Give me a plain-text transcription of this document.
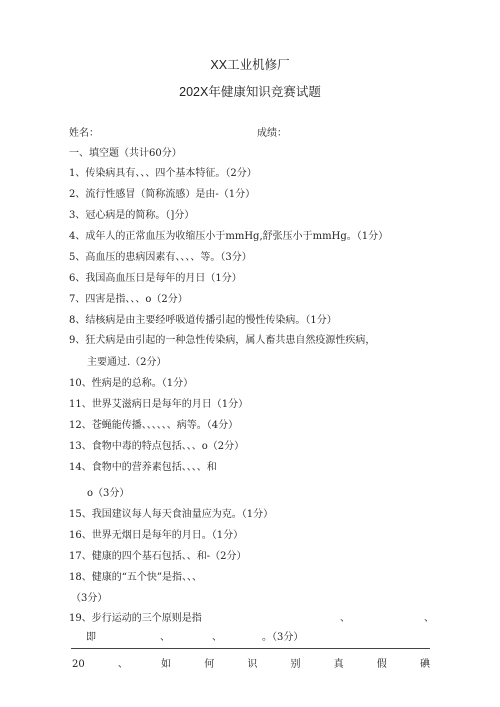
XX工业机修厂
202X年健康知识竞赛试题
姓名：	成绩：
一、填空题（共计60分）
1、传染病具有、、、四个基本特征。（2分）
2、流行性感冒（简称流感）是由-（1分）
3、冠心病是的简称。（]分）
4、成年人的正常血压为收缩压小于mmHg,舒张压小于mmHg。（1分）
5、高血压的患病因素有、、、、等。（3分）
6、我国高血压日是每年的月日（1分）
7、四害是指、、、o（2分）
8、结核病是由主要经呼吸道传播引起的慢性传染病。（1分）
9、狂犬病是由引起的一种急性传染病，属人畜共患自然疫源性疾病，
主要通过.（2分）
10、性病是的总称。（1分）
11、世界艾滋病日是每年的月日（1分）
12、苍蝇能传播、、、、、、病等。（4分）
13、食物中毒的特点包括、、、o（2分）
14、食物中的营养素包括、、、、和
o（3分）
15、我国建议每人每天食油量应为克。（1分）
16、世界无烟日是每年的月日。（1分）
17、健康的四个基石包括、、和-（2分）
18、健康的“五个快”是指、、、
（3分）
19、步行运动的三个原则是指	、	、
即	、	、	。（3分）
20	、	如	何	识	别	真	假	碘
